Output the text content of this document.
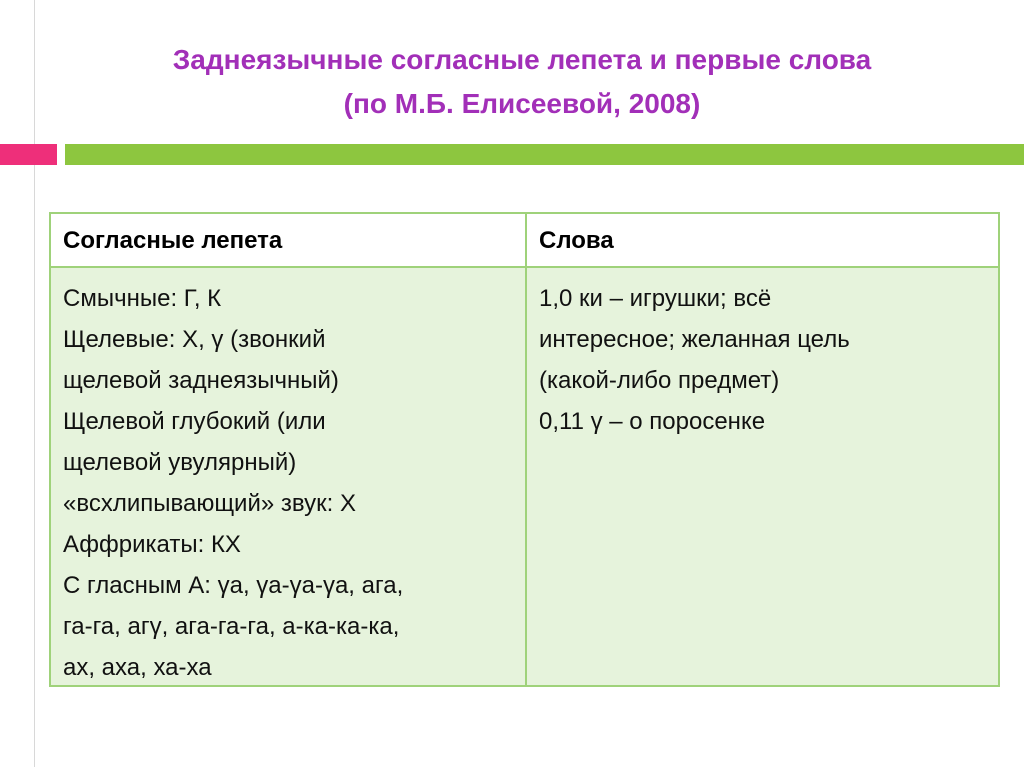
Заднеязычные согласные лепета и первые слова
(по М.Б. Елисеевой, 2008)
Согласные лепета	Слова
Смычные: Г, К
Щелевые: Х, γ (звонкий
щелевой заднеязычный)
Щелевой глубокий (или
щелевой увулярный)
«всхлипывающий» звук: Х
Аффрикаты: КХ
С гласным А: γа, γа-γа-γа, ага,
га-га, агγ, ага-га-га, а-ка-ка-ка,
ах, аха, ха-ха
1,0 ки – игрушки; всё
интересное; желанная цель
(какой-либо предмет)
0,11 γ – о поросенке
